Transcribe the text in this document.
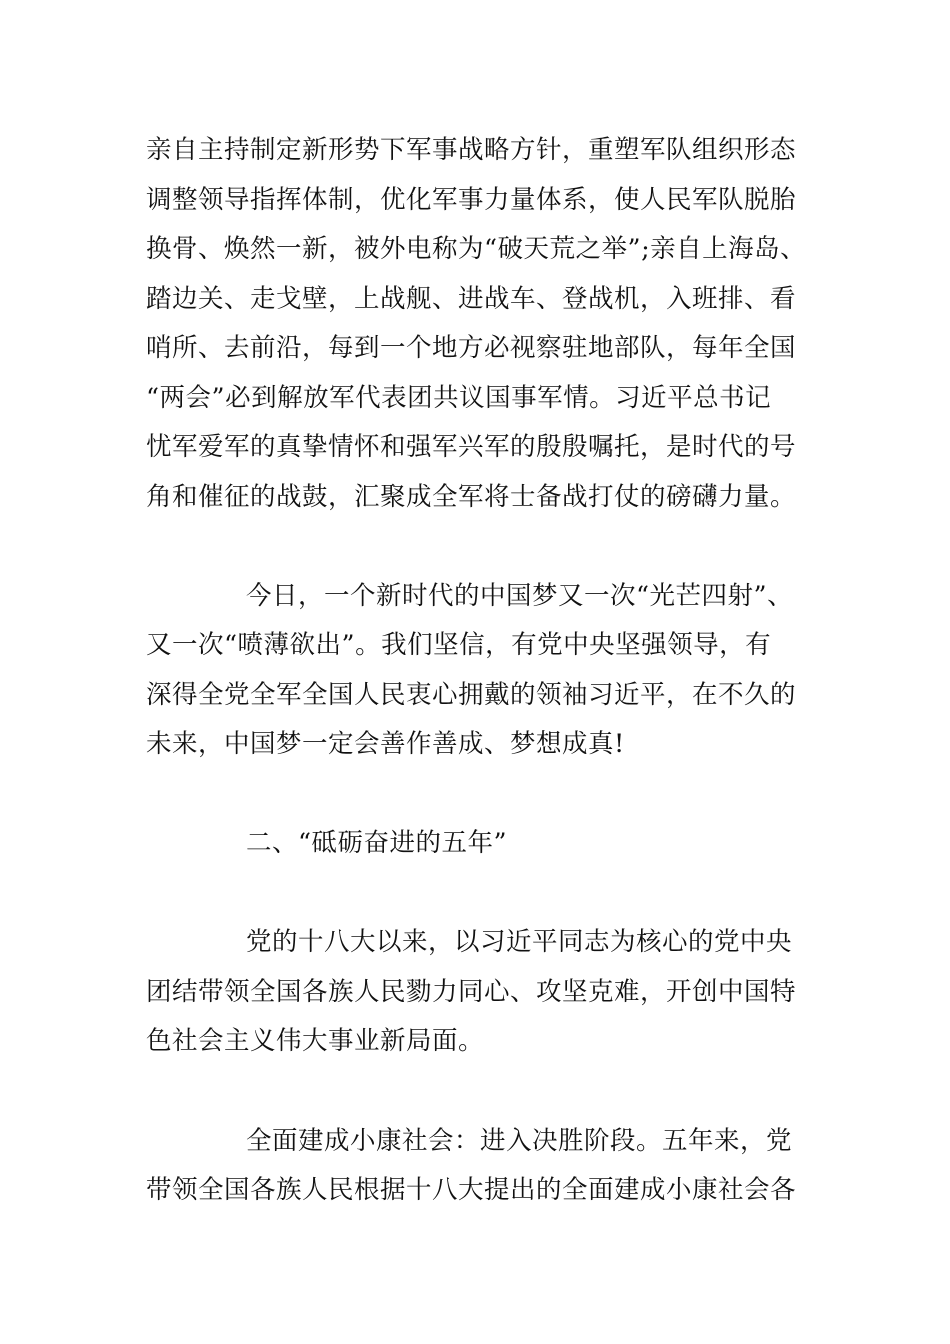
亲自主持制定新形势下军事战略方针，重塑军队组织形态
调整领导指挥体制，优化军事力量体系，使人民军队脱胎
换骨、焕然一新，被外电称为“破天荒之举”;亲自上海岛、
踏边关、走戈壁，上战舰、进战车、登战机，入班排、看
哨所、去前沿，每到一个地方必视察驻地部队，每年全国
“两会”必到解放军代表团共议国事军情。习近平总书记
忧军爱军的真挚情怀和强军兴军的殷殷嘱托，是时代的号
角和催征的战鼓，汇聚成全军将士备战打仗的磅礴力量。
今日，一个新时代的中国梦又一次“光芒四射”、
又一次“喷薄欲出”。我们坚信，有党中央坚强领导，有
深得全党全军全国人民衷心拥戴的领袖习近平，在不久的
未来，中国梦一定会善作善成、梦想成真!
二、“砥砺奋进的五年”
党的十八大以来，以习近平同志为核心的党中央
团结带领全国各族人民勠力同心、攻坚克难，开创中国特
色社会主义伟大事业新局面。
全面建成小康社会：进入决胜阶段。五年来，党
带领全国各族人民根据十八大提出的全面建成小康社会各
